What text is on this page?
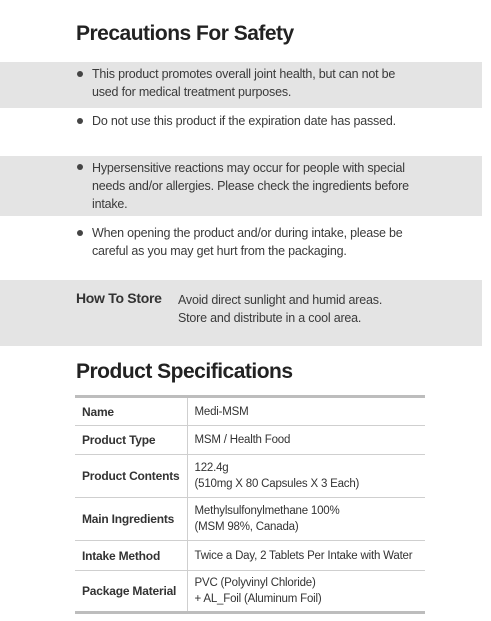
Precautions For Safety
This product promotes overall joint health, but can not be used for medical treatment purposes.
Do not use this product if the expiration date has passed.
Hypersensitive reactions may occur for people with special needs and/or allergies. Please check the ingredients before intake.
When opening the product and/or during intake, please be careful as you may get hurt from the packaging.
How To Store Avoid direct sunlight and humid areas.
Store and distribute in a cool area.
Product Specifications
Name	Medi-MSM

Product Type	MSM / Health Food

Product Contents	122.4g
(510mg X 80 Capsules X 3 Each)

Main Ingredients	Methylsulfonylmethane 100%
(MSM 98%, Canada)

Intake Method	Twice a Day, 2 Tablets Per Intake with Water

Package Material	PVC (Polyvinyl Chloride)
+ AL_Foil (Aluminum Foil)
